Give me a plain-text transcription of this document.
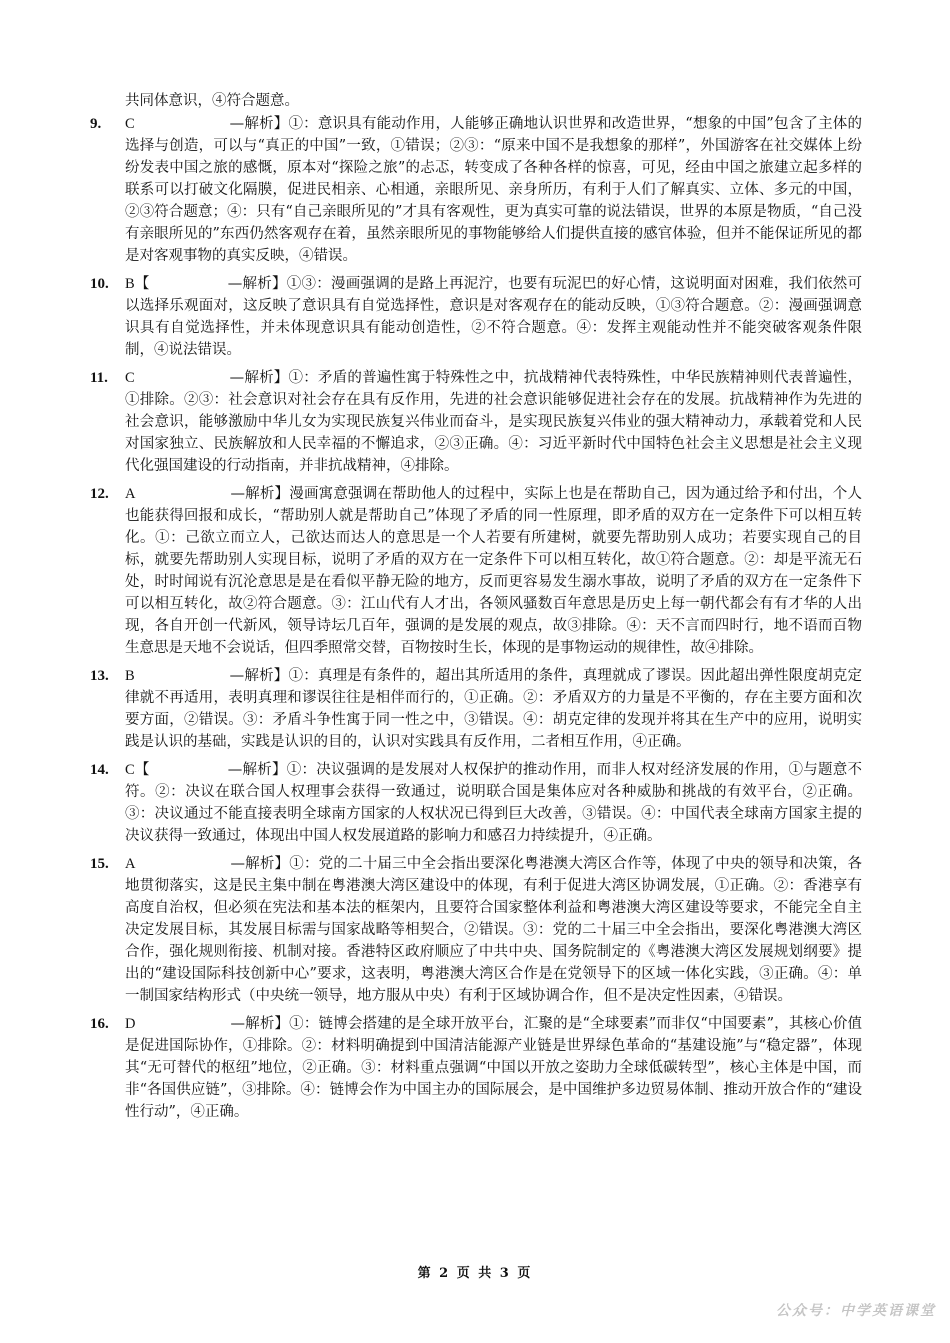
共同体意识，④符合题意。

9. C	—解析】①：意识具有能动作用，人能够正确地认识世界和改造世界，“想象的中国”包含了主体的选择与创造，可以与“真正的中国”一致，①错误；②③：“原来中国不是我想象的那样”，外国游客在社交媒体上纷纷发表中国之旅的感慨，原本对“探险之旅”的忐忑，转变成了各种各样的惊喜，可见，经由中国之旅建立起多样的联系可以打破文化隔膜，促进民相亲、心相通，亲眼所见、亲身所历，有利于人们了解真实、立体、多元的中国，②③符合题意；④：只有“自己亲眼所见的”才具有客观性，更为真实可靠的说法错误，世界的本原是物质，“自己没有亲眼所见的”东西仍然客观存在着，虽然亲眼所见的事物能够给人们提供直接的感官体验，但并不能保证所见的都是对客观事物的真实反映，④错误。

10. B【	—解析】①③：漫画强调的是路上再泥泞，也要有玩泥巴的好心情，这说明面对困难，我们依然可以选择乐观面对，这反映了意识具有自觉选择性，意识是对客观存在的能动反映，①③符合题意。②：漫画强调意识具有自觉选择性，并未体现意识具有能动创造性，②不符合题意。④：发挥主观能动性并不能突破客观条件限制，④说法错误。

11. C	—解析】①：矛盾的普遍性寓于特殊性之中，抗战精神代表特殊性，中华民族精神则代表普遍性，①排除。②③：社会意识对社会存在具有反作用，先进的社会意识能够促进社会存在的发展。抗战精神作为先进的社会意识，能够激励中华儿女为实现民族复兴伟业而奋斗，是实现民族复兴伟业的强大精神动力，承载着党和人民对国家独立、民族解放和人民幸福的不懈追求，②③正确。④：习近平新时代中国特色社会主义思想是社会主义现代化强国建设的行动指南，并非抗战精神，④排除。

12. A	—解析】漫画寓意强调在帮助他人的过程中，实际上也是在帮助自己，因为通过给予和付出，个人也能获得回报和成长，“帮助别人就是帮助自己”体现了矛盾的同一性原理，即矛盾的双方在一定条件下可以相互转化。①：己欲立而立人，己欲达而达人的意思是一个人若要有所建树，就要先帮助别人成功；若要实现自己的目标，就要先帮助别人实现目标，说明了矛盾的双方在一定条件下可以相互转化，故①符合题意。②：却是平流无石处，时时闻说有沉沦意思是是在看似平静无险的地方，反而更容易发生溺水事故，说明了矛盾的双方在一定条件下可以相互转化，故②符合题意。③：江山代有人才出，各领风骚数百年意思是历史上每一朝代都会有有才华的人出现，各自开创一代新风，领导诗坛几百年，强调的是发展的观点，故③排除。④：天不言而四时行，地不语而百物生意思是天地不会说话，但四季照常交替，百物按时生长，体现的是事物运动的规律性，故④排除。

13. B	—解析】①：真理是有条件的，超出其所适用的条件，真理就成了谬误。因此超出弹性限度胡克定律就不再适用，表明真理和谬误往往是相伴而行的，①正确。②：矛盾双方的力量是不平衡的，存在主要方面和次要方面，②错误。③：矛盾斗争性寓于同一性之中，③错误。④：胡克定律的发现并将其在生产中的应用，说明实践是认识的基础，实践是认识的目的，认识对实践具有反作用，二者相互作用，④正确。

14. C【	—解析】①：决议强调的是发展对人权保护的推动作用，而非人权对经济发展的作用，①与题意不符。②：决议在联合国人权理事会获得一致通过，说明联合国是集体应对各种威胁和挑战的有效平台，②正确。③：决议通过不能直接表明全球南方国家的人权状况已得到巨大改善，③错误。④：中国代表全球南方国家主提的决议获得一致通过，体现出中国人权发展道路的影响力和感召力持续提升，④正确。

15. A	—解析】①：党的二十届三中全会指出要深化粤港澳大湾区合作等，体现了中央的领导和决策，各地贯彻落实，这是民主集中制在粤港澳大湾区建设中的体现，有利于促进大湾区协调发展，①正确。②：香港享有高度自治权，但必须在宪法和基本法的框架内，且要符合国家整体利益和粤港澳大湾区建设等要求，不能完全自主决定发展目标，其发展目标需与国家战略等相契合，②错误。③：党的二十届三中全会指出，要深化粤港澳大湾区合作，强化规则衔接、机制对接。香港特区政府顺应了中共中央、国务院制定的《粤港澳大湾区发展规划纲要》提出的“建设国际科技创新中心”要求，这表明，粤港澳大湾区合作是在党领导下的区域一体化实践，③正确。④：单一制国家结构形式（中央统一领导，地方服从中央）有利于区域协调合作，但不是决定性因素，④错误。

16. D	—解析】①：链博会搭建的是全球开放平台，汇聚的是“全球要素”而非仅“中国要素”，其核心价值是促进国际协作，①排除。②：材料明确提到中国清洁能源产业链是世界绿色革命的“基建设施”与“稳定器”，体现其“无可替代的枢纽”地位，②正确。③：材料重点强调“中国以开放之姿助力全球低碳转型”，核心主体是中国，而非“各国供应链”，③排除。④：链博会作为中国主办的国际展会，是中国维护多边贸易体制、推动开放合作的“建设性行动”，④正确。

第 2 页 共 3 页
公众号：中学英语课堂
